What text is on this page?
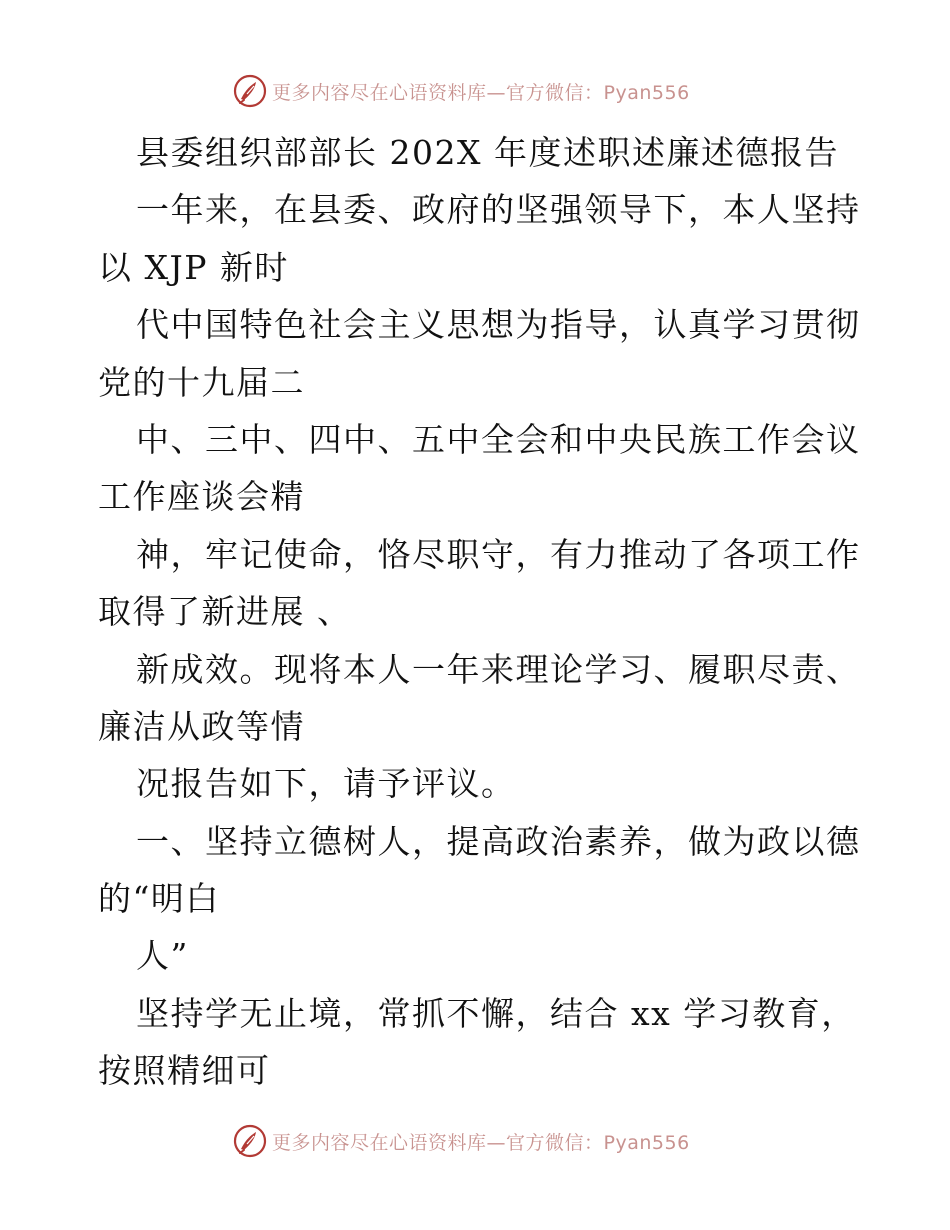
更多内容尽在心语资料库—官方微信：Pyan556
县委组织部部长 202X 年度述职述廉述德报告
一年来，在县委、政府的坚强领导下，本人坚持
以 XJP 新时
代中国特色社会主义思想为指导，认真学习贯彻
党的十九届二
中、三中、四中、五中全会和中央民族工作会议
工作座谈会精
神，牢记使命，恪尽职守，有力推动了各项工作
取得了新进展 、
新成效。现将本人一年来理论学习、履职尽责、
廉洁从政等情
况报告如下，请予评议。
一、坚持立德树人，提高政治素养，做为政以德
的“明白
人”
坚持学无止境，常抓不懈，结合 xx 学习教育，
按照精细可
更多内容尽在心语资料库—官方微信：Pyan556
